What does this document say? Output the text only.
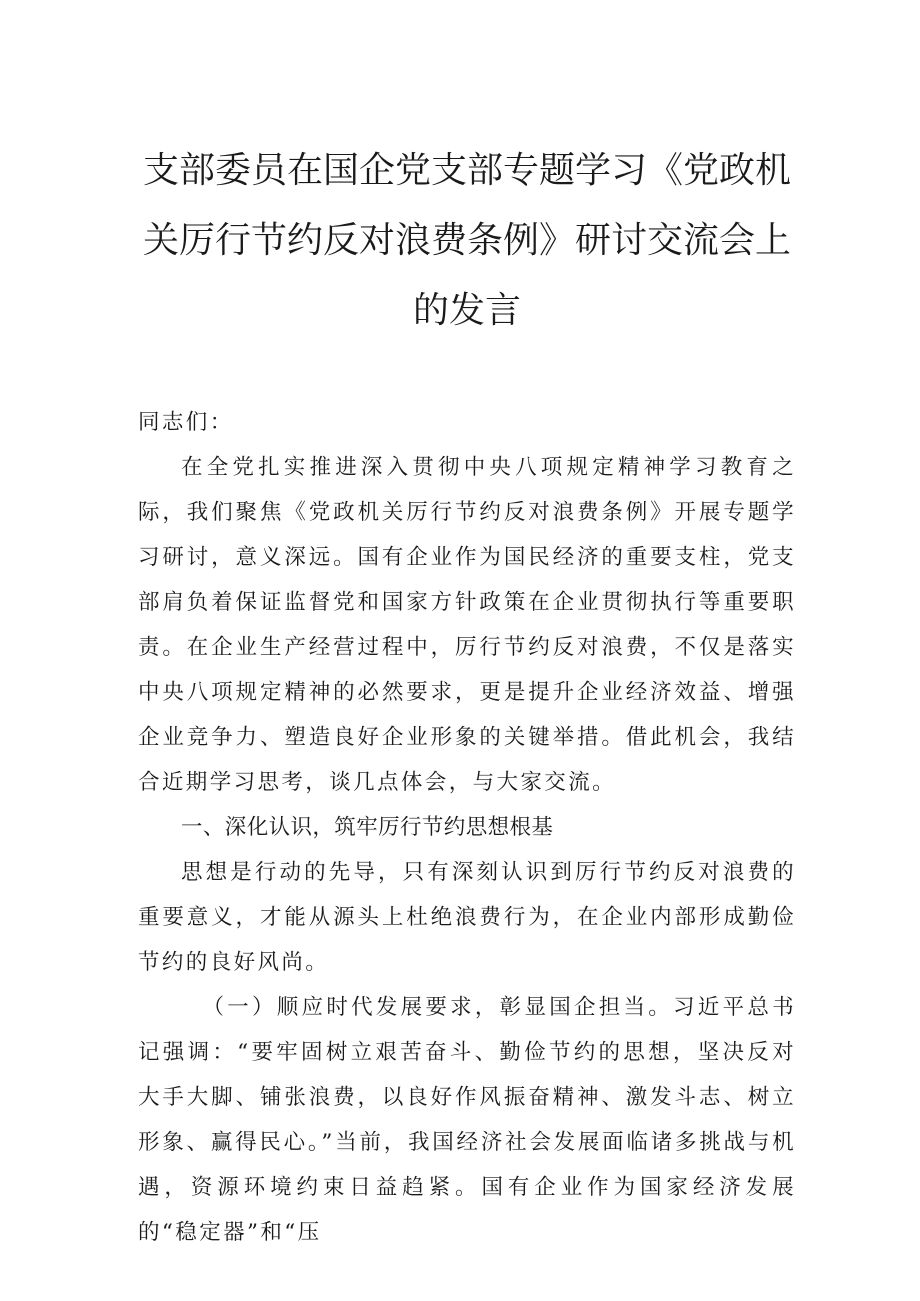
支部委员在国企党支部专题学习《党政机
关厉行节约反对浪费条例》研讨交流会上
的发言

同志们：

在全党扎实推进深入贯彻中央八项规定精神学习教育之际，我们聚焦《党政机关厉行节约反对浪费条例》开展专题学习研讨，意义深远。国有企业作为国民经济的重要支柱，党支部肩负着保证监督党和国家方针政策在企业贯彻执行等重要职责。在企业生产经营过程中，厉行节约反对浪费，不仅是落实中央八项规定精神的必然要求，更是提升企业经济效益、增强企业竞争力、塑造良好企业形象的关键举措。借此机会，我结合近期学习思考，谈几点体会，与大家交流。

一、深化认识，筑牢厉行节约思想根基

思想是行动的先导，只有深刻认识到厉行节约反对浪费的重要意义，才能从源头上杜绝浪费行为，在企业内部形成勤俭节约的良好风尚。

（一）顺应时代发展要求，彰显国企担当。习近平总书记强调：“要牢固树立艰苦奋斗、勤俭节约的思想，坚决反对大手大脚、铺张浪费，以良好作风振奋精神、激发斗志、树立形象、赢得民心。”当前，我国经济社会发展面临诸多挑战与机遇，资源环境约束日益趋紧。国有企业作为国家经济发展的“稳定器”和“压
